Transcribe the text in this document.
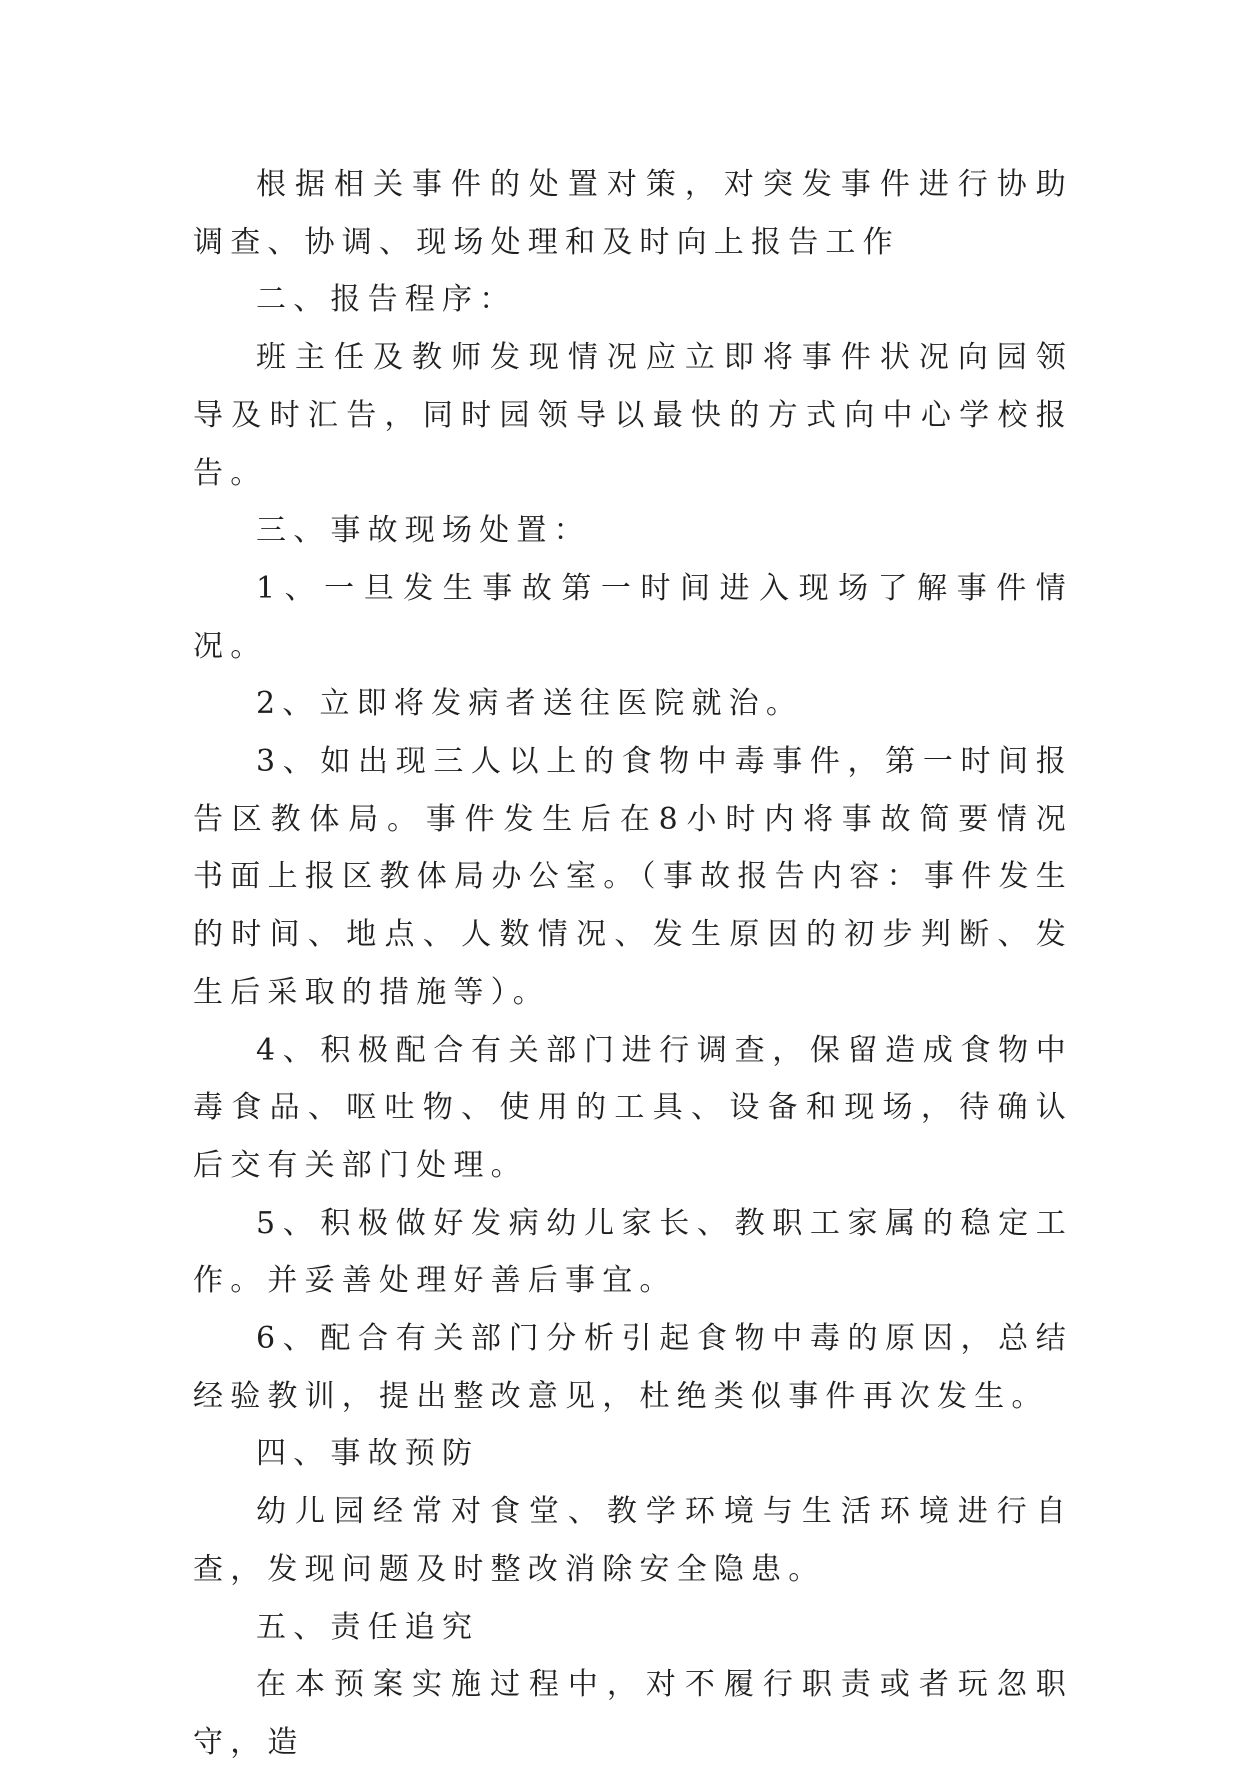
根据相关事件的处置对策，对突发事件进行协助调查、协调、现场处理和及时向上报告工作

二、报告程序：

班主任及教师发现情况应立即将事件状况向园领导及时汇告，同时园领导以最快的方式向中心学校报告。

三、事故现场处置：

1、一旦发生事故第一时间进入现场了解事件情况。

2、立即将发病者送往医院就治。

3、如出现三人以上的食物中毒事件，第一时间报告区教体局。事件发生后在8小时内将事故简要情况书面上报区教体局办公室。（事故报告内容：事件发生的时间、地点、人数情况、发生原因的初步判断、发生后采取的措施等）。

4、积极配合有关部门进行调查，保留造成食物中毒食品、呕吐物、使用的工具、设备和现场，待确认后交有关部门处理。

5、积极做好发病幼儿家长、教职工家属的稳定工作。并妥善处理好善后事宜。

6、配合有关部门分析引起食物中毒的原因，总结经验教训，提出整改意见，杜绝类似事件再次发生。

四、事故预防

幼儿园经常对食堂、教学环境与生活环境进行自查，发现问题及时整改消除安全隐患。

五、责任追究

在本预案实施过程中，对不履行职责或者玩忽职守，造
